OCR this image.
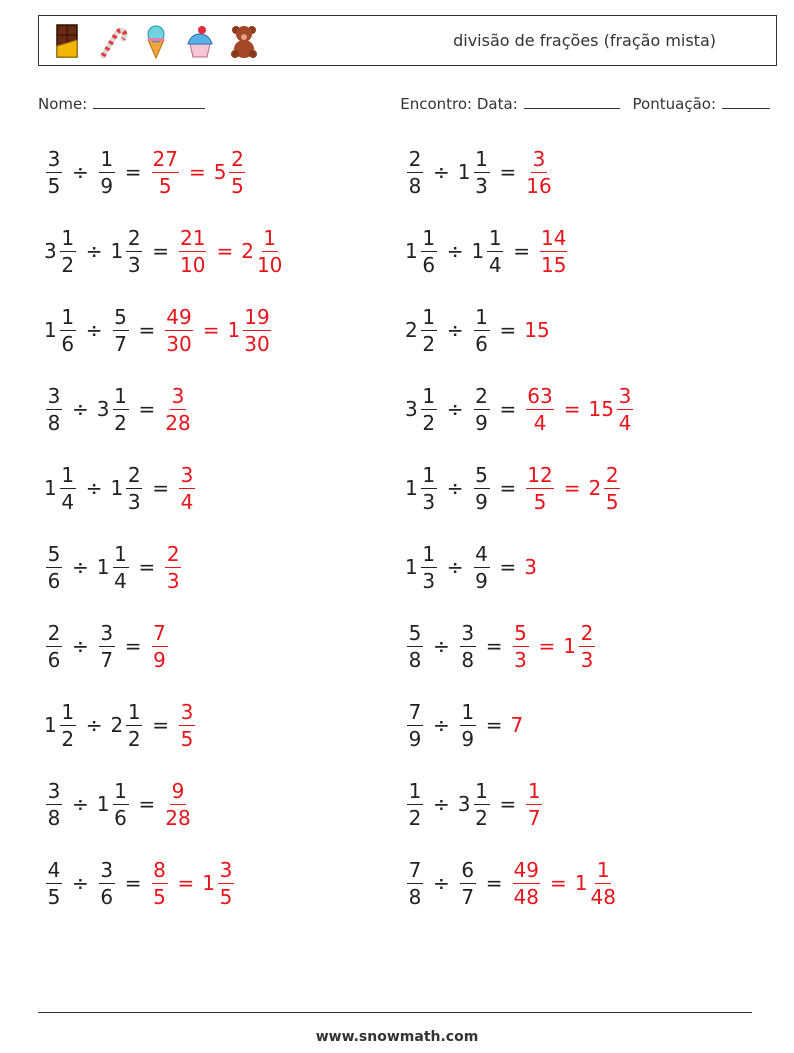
divisão de frações (fração mista)
Nome:	Encontro: Data:	Pontuação:
$\frac{3}{5} \div \frac{1}{9} = \frac{27}{5} = 5 \frac{2}{5}$	$\frac{2}{8} \div 1 \frac{1}{3} = \frac{3}{16}$
$3 \frac{1}{2} \div 1 \frac{2}{3} = \frac{21}{10} = 2 \frac{1}{10}$	$1 \frac{1}{6} \div 1 \frac{1}{4} = \frac{14}{15}$
$1 \frac{1}{6} \div \frac{5}{7} = \frac{49}{30} = 1 \frac{19}{30}$	$2 \frac{1}{2} \div \frac{1}{6} = 15$
$\frac{3}{8} \div 3 \frac{1}{2} = \frac{3}{28}$	$3 \frac{1}{2} \div \frac{2}{9} = \frac{63}{4} = 15 \frac{3}{4}$
$1 \frac{1}{4} \div 1 \frac{2}{3} = \frac{3}{4}$	$1 \frac{1}{3} \div \frac{5}{9} = \frac{12}{5} = 2 \frac{2}{5}$
$\frac{5}{6} \div 1 \frac{1}{4} = \frac{2}{3}$	$1 \frac{1}{3} \div \frac{4}{9} = 3$
$\frac{2}{6} \div \frac{3}{7} = \frac{7}{9}$	$\frac{5}{8} \div \frac{3}{8} = \frac{5}{3} = 1 \frac{2}{3}$
$1 \frac{1}{2} \div 2 \frac{1}{2} = \frac{3}{5}$	$\frac{7}{9} \div \frac{1}{9} = 7$
$\frac{3}{8} \div 1 \frac{1}{6} = \frac{9}{28}$	$\frac{1}{2} \div 3 \frac{1}{2} = \frac{1}{7}$
$\frac{4}{5} \div \frac{3}{6} = \frac{8}{5} = 1 \frac{3}{5}$	$\frac{7}{8} \div \frac{6}{7} = \frac{49}{48} = 1 \frac{1}{48}$
www.snowmath.com
